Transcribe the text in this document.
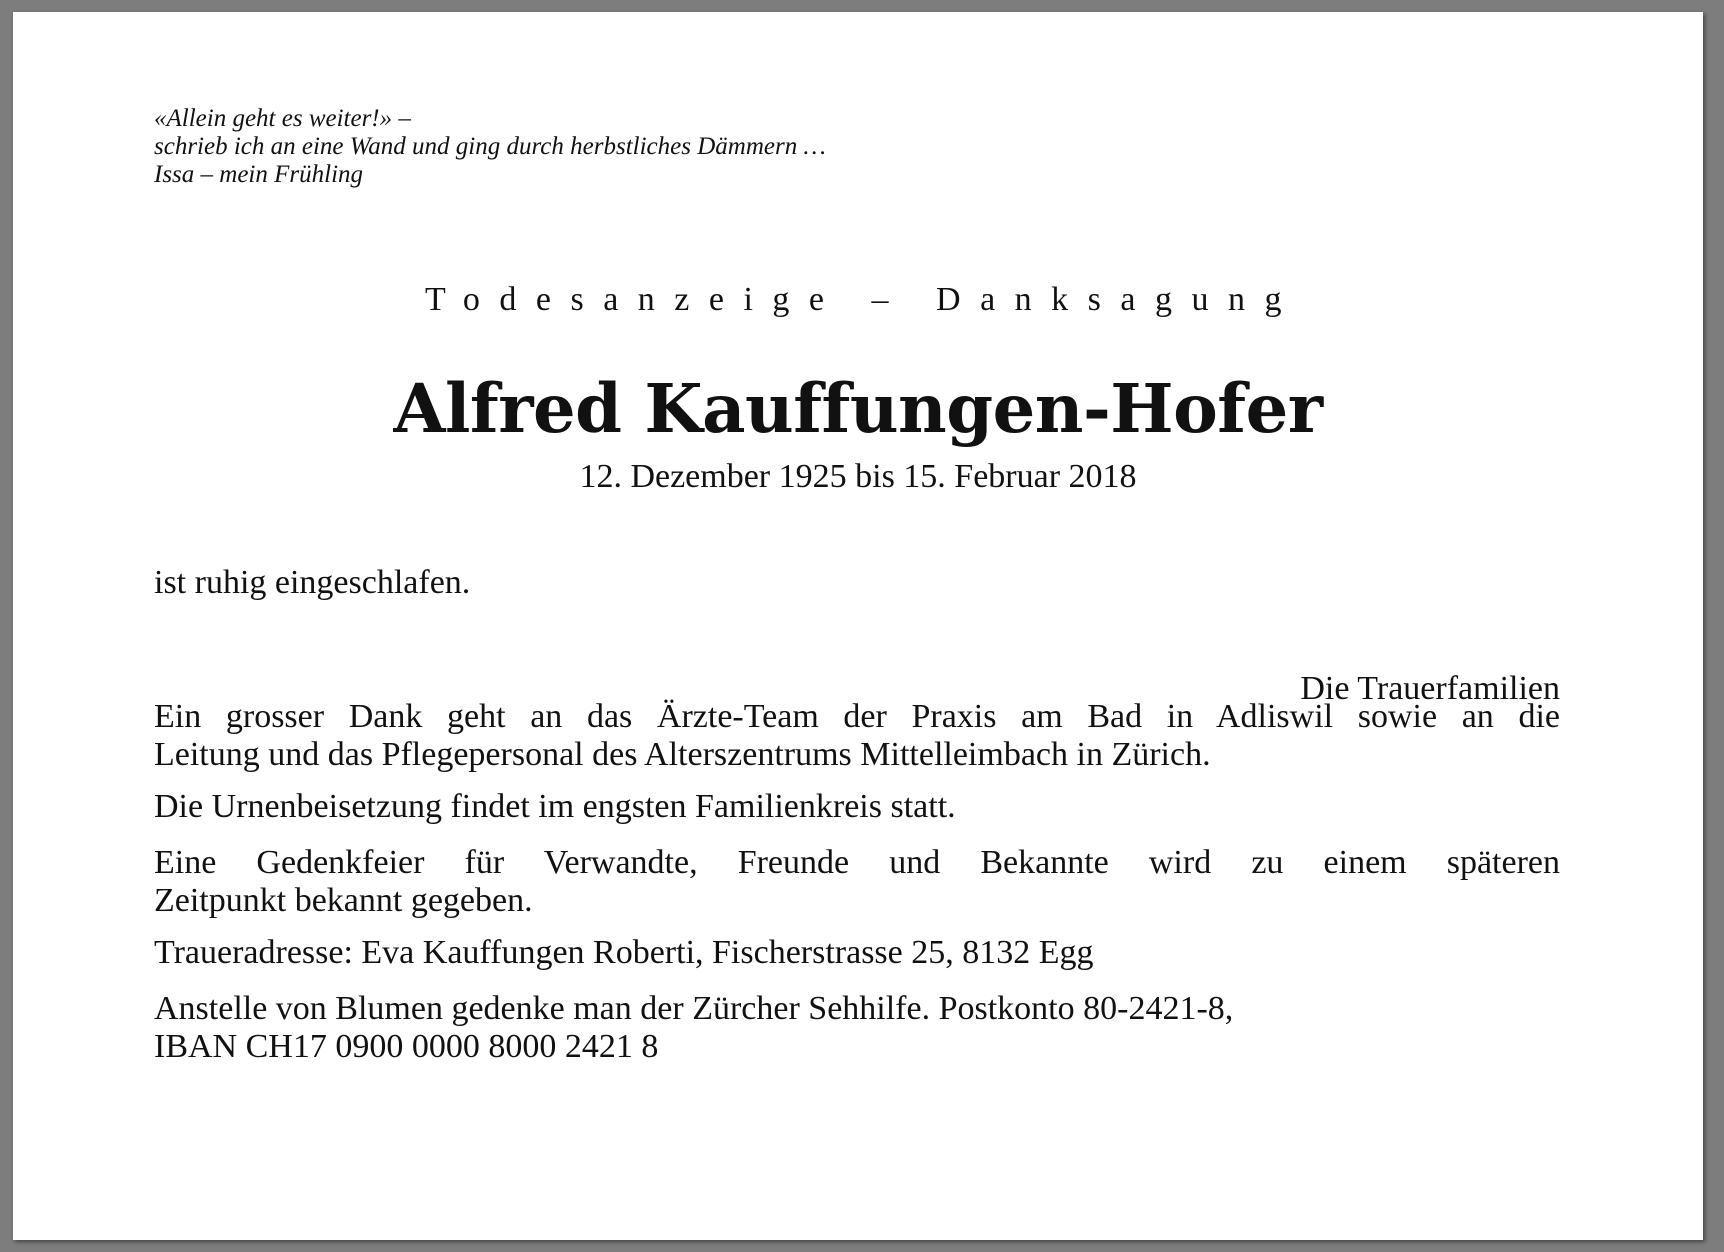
«Allein geht es weiter!» –
schrieb ich an eine Wand und ging durch herbstliches Dämmern …
Issa – mein Frühling
Todesanzeige – Danksagung
Alfred Kauffungen-Hofer
12. Dezember 1925 bis 15. Februar 2018
ist ruhig eingeschlafen.
Die Trauerfamilien
Ein grosser Dank geht an das Ärzte-Team der Praxis am Bad in Adliswil sowie an die
Leitung und das Pflegepersonal des Alterszentrums Mittelleimbach in Zürich.
Die Urnenbeisetzung findet im engsten Familienkreis statt.
Eine Gedenkfeier für Verwandte, Freunde und Bekannte wird zu einem späteren
Zeitpunkt bekannt gegeben.
Traueradresse: Eva Kauffungen Roberti, Fischerstrasse 25, 8132 Egg
Anstelle von Blumen gedenke man der Zürcher Sehhilfe. Postkonto 80-2421-8,
IBAN CH17 0900 0000 8000 2421 8
